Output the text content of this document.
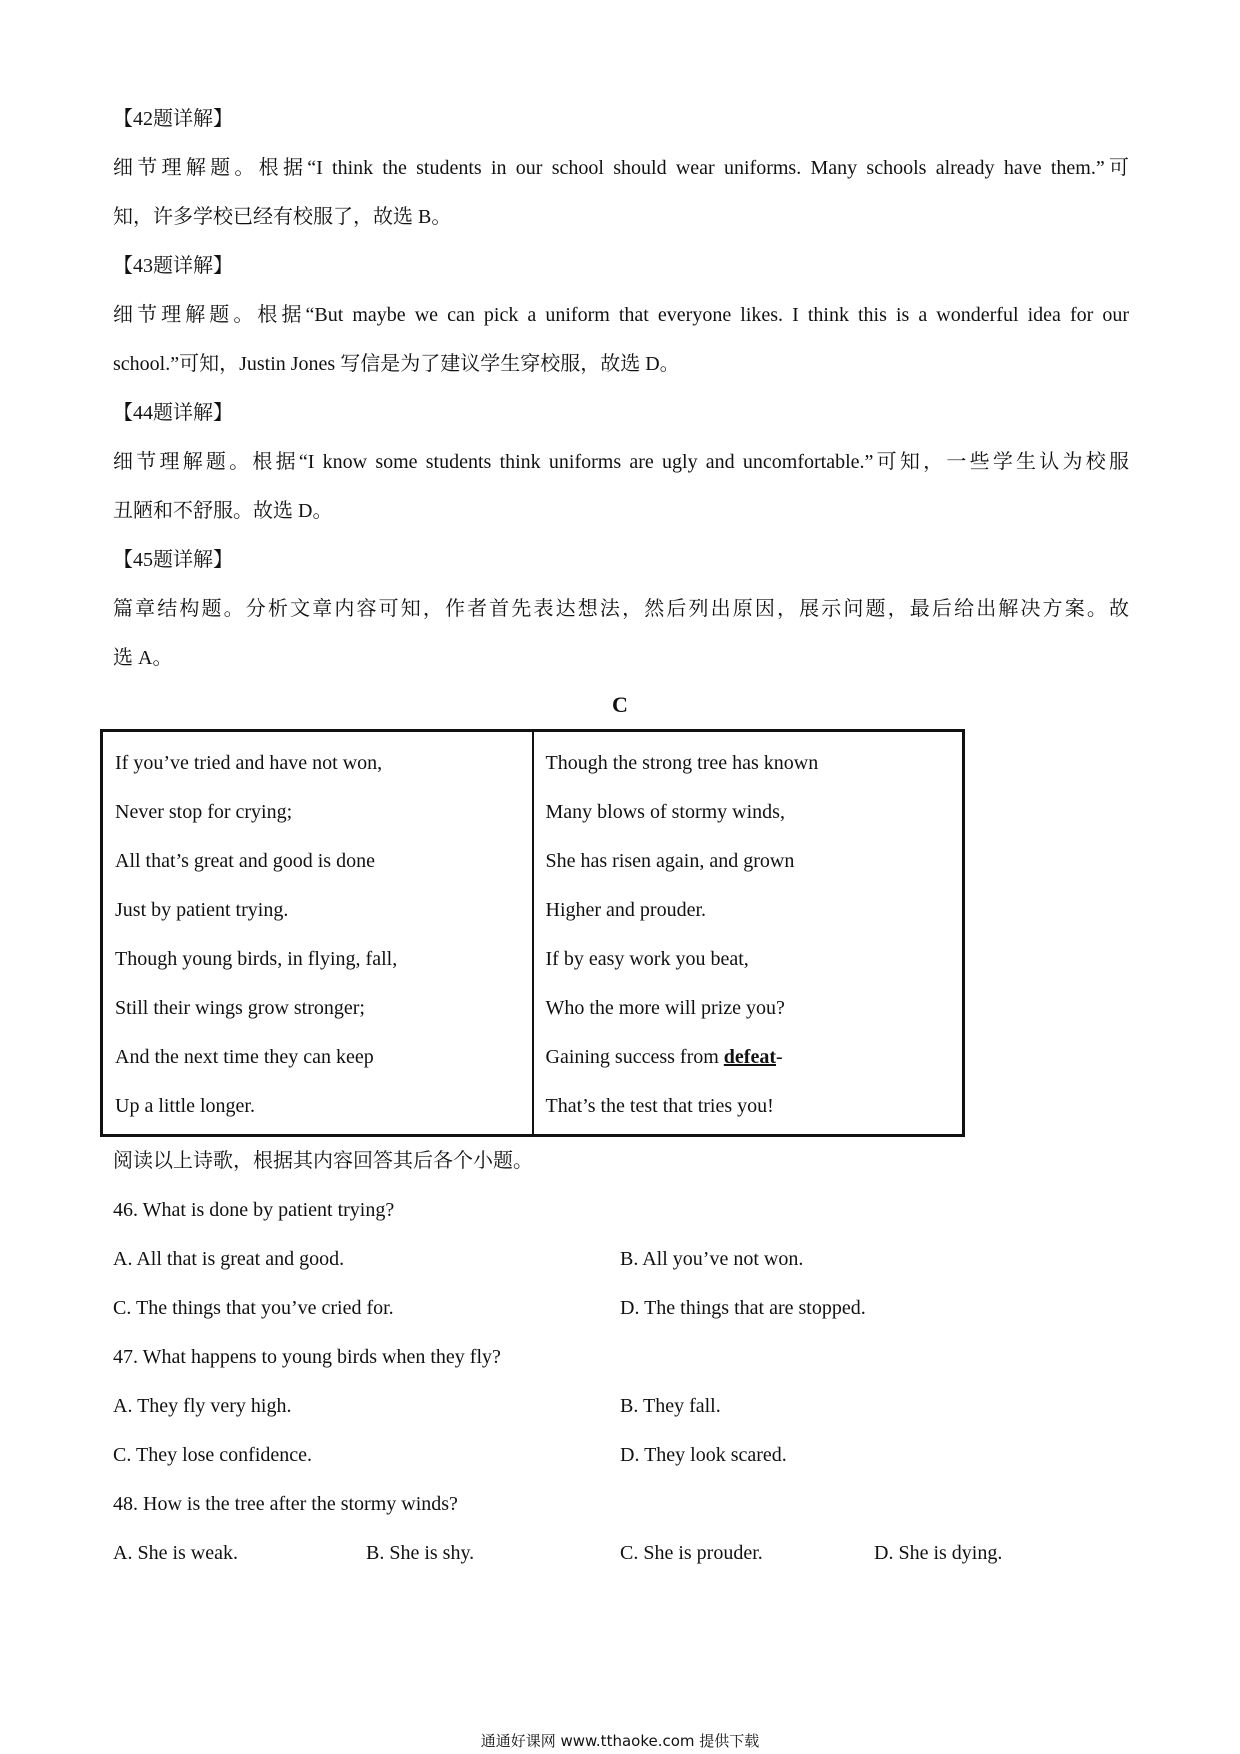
【42题详解】
细节理解题。根据“I think the students in our school should wear uniforms. Many schools already have them.”可
知，许多学校已经有校服了，故选 B。
【43题详解】
细节理解题。根据“But maybe we can pick a uniform that everyone likes. I think this is a wonderful idea for our
school.”可知，Justin Jones 写信是为了建议学生穿校服，故选 D。
【44题详解】
细节理解题。根据“I know some students think uniforms are ugly and uncomfortable.”可知，一些学生认为校服
丑陋和不舒服。故选 D。
【45题详解】
篇章结构题。分析文章内容可知，作者首先表达想法，然后列出原因，展示问题，最后给出解决方案。故
选 A。
C
If you’ve tried and have not won,
Never stop for crying;
All that’s great and good is done
Just by patient trying.
Though young birds, in flying, fall,
Still their wings grow stronger;
And the next time they can keep
Up a little longer.

Though the strong tree has known
Many blows of stormy winds,
She has risen again, and grown
Higher and prouder.
If by easy work you beat,
Who the more will prize you?
Gaining success from defeat-
That’s the test that tries you!
阅读以上诗歌，根据其内容回答其后各个小题。
46. What is done by patient trying?
A. All that is great and good.	B. All you’ve not won.
C. The things that you’ve cried for.	D. The things that are stopped.
47. What happens to young birds when they fly?
A. They fly very high.	B. They fall.
C. They lose confidence.	D. They look scared.
48. How is the tree after the stormy winds?
A. She is weak.	B. She is shy.	C. She is prouder.	D. She is dying.
通通好课网 www.tthaoke.com 提供下载
